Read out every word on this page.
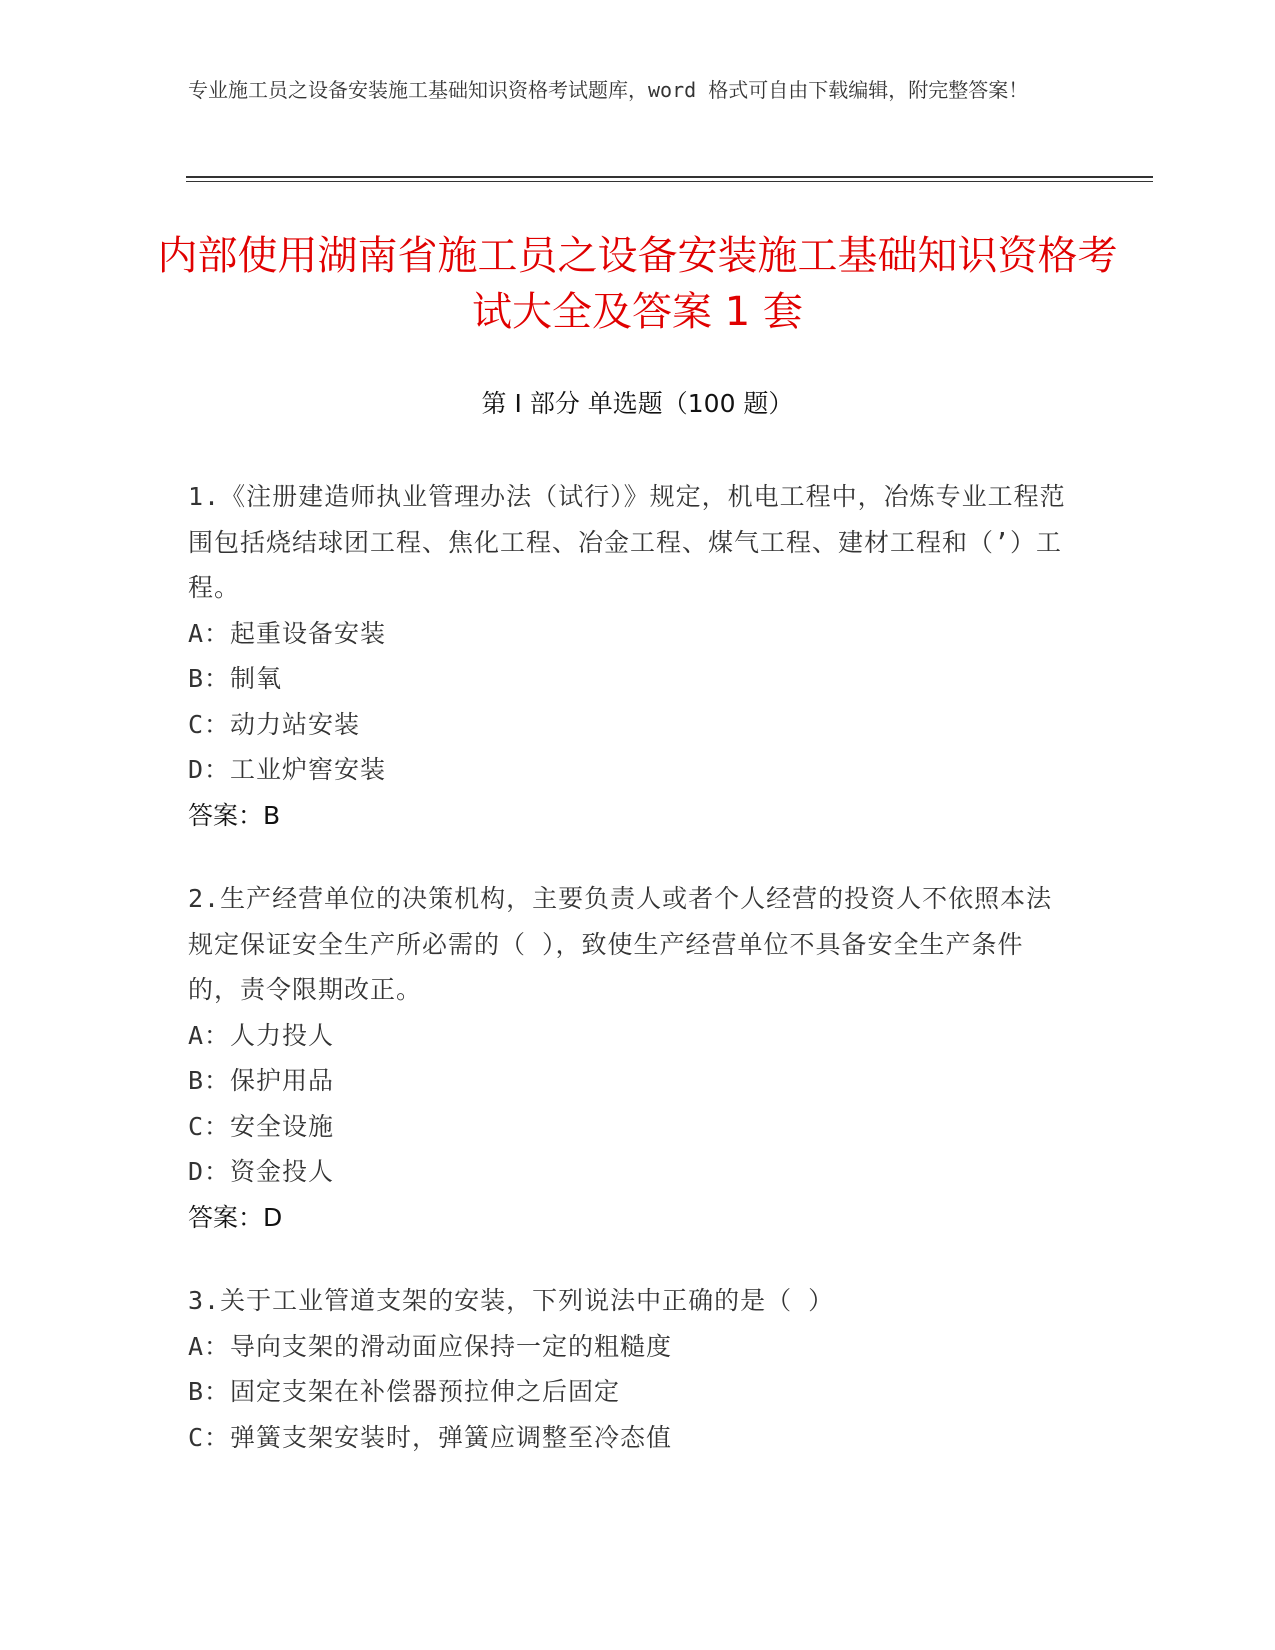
专业施工员之设备安装施工基础知识资格考试题库，word 格式可自由下载编辑，附完整答案！
内部使用湖南省施工员之设备安装施工基础知识资格考试大全及答案 1 套
第 I 部分 单选题（100 题）
1.《注册建造师执业管理办法（试行）》规定，机电工程中，冶炼专业工程范围包括烧结球团工程、焦化工程、冶金工程、煤气工程、建材工程和（’）工程。
A：起重设备安装
B：制氧
C：动力站安装
D：工业炉窖安装
答案：B
2.生产经营单位的决策机构，主要负责人或者个人经营的投资人不依照本法规定保证安全生产所必需的（ ），致使生产经营单位不具备安全生产条件的，责令限期改正。
A：人力投人
B：保护用品
C：安全设施
D：资金投人
答案：D
3.关于工业管道支架的安装，下列说法中正确的是（ ）
A：导向支架的滑动面应保持一定的粗糙度
B：固定支架在补偿器预拉伸之后固定
C：弹簧支架安装时，弹簧应调整至冷态值
